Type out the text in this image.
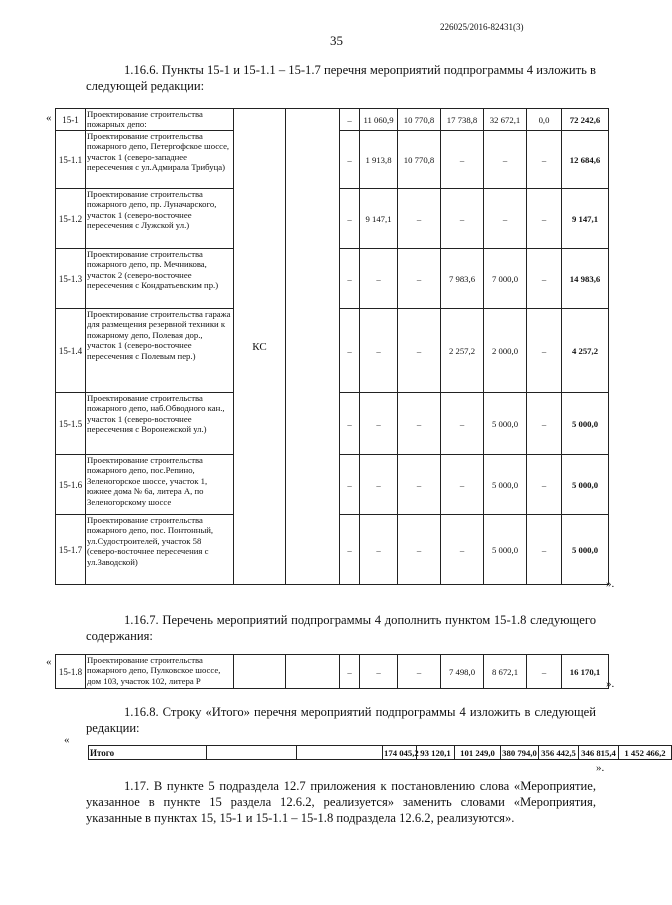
226025/2016-82431(3)
35
1.16.6. Пункты 15-1 и 15-1.1 – 15-1.7 перечня мероприятий подпрограммы 4 изложить в следующей редакции:
« 15-1	Проектирование строительства пожарных депо:	КС		–	11 060,9	10 770,8	17 738,8	32 672,1	0,0	72 242,6
15-1.1	Проектирование строительства пожарного депо, Петергофское шоссе, участок 1 (северо-западнее пересечения с ул.Адмирала Трибуца)			–	1 913,8	10 770,8	–	–	–	12 684,6
15-1.2	Проектирование строительства пожарного депо, пр. Луначарского, участок 1 (северо-восточнее пересечения с Лужской ул.)			–	9 147,1	–	–	–	–	9 147,1
15-1.3	Проектирование строительства пожарного депо, пр. Мечникова, участок 2 (северо-восточнее пересечения с Кондратьевским пр.)			–	–	–	7 983,6	7 000,0	–	14 983,6
15-1.4	Проектирование строительства гаража для размещения резервной техники к пожарному депо, Полевая дор., участок 1 (северо-восточнее пересечения с Полевым пер.)			–	–	–	2 257,2	2 000,0	–	4 257,2
15-1.5	Проектирование строительства пожарного депо, наб.Обводного кан., участок 1 (северо-восточнее пересечения с Воронежской ул.)			–	–	–	–	5 000,0	–	5 000,0
15-1.6	Проектирование строительства пожарного депо, пос.Репино, Зеленогорское шоссе, участок 1, южнее дома № 6а, литера А, по Зеленогорскому шоссе			–	–	–	–	5 000,0	–	5 000,0
15-1.7	Проектирование строительства пожарного депо, пос. Понтонный, ул.Судостроителей, участок 58 (северо-восточнее пересечения с ул.Заводской)			–	–	–	–	5 000,0	–	5 000,0
».
1.16.7. Перечень мероприятий подпрограммы 4 дополнить пунктом 15-1.8 следующего содержания:
«
15-1.8	Проектирование строительства пожарного депо, Пулковское шоссе, дом 103, участок 102, литера Р			–	–	–	7 498,0	8 672,1	–	16 170,1
».
1.16.8. Строку «Итого» перечня мероприятий подпрограммы 4 изложить в следующей редакции:
«
Итого			174 045,2	93 120,1	101 249,0	380 794,0	356 442,5	346 815,4	1 452 466,2
».
1.17. В пункте 5 подраздела 12.7 приложения к постановлению слова «Мероприятие, указанное в пункте 15 раздела 12.6.2, реализуется» заменить словами «Мероприятия, указанные в пунктах 15, 15-1 и 15-1.1 – 15-1.8 подраздела 12.6.2, реализуются».
